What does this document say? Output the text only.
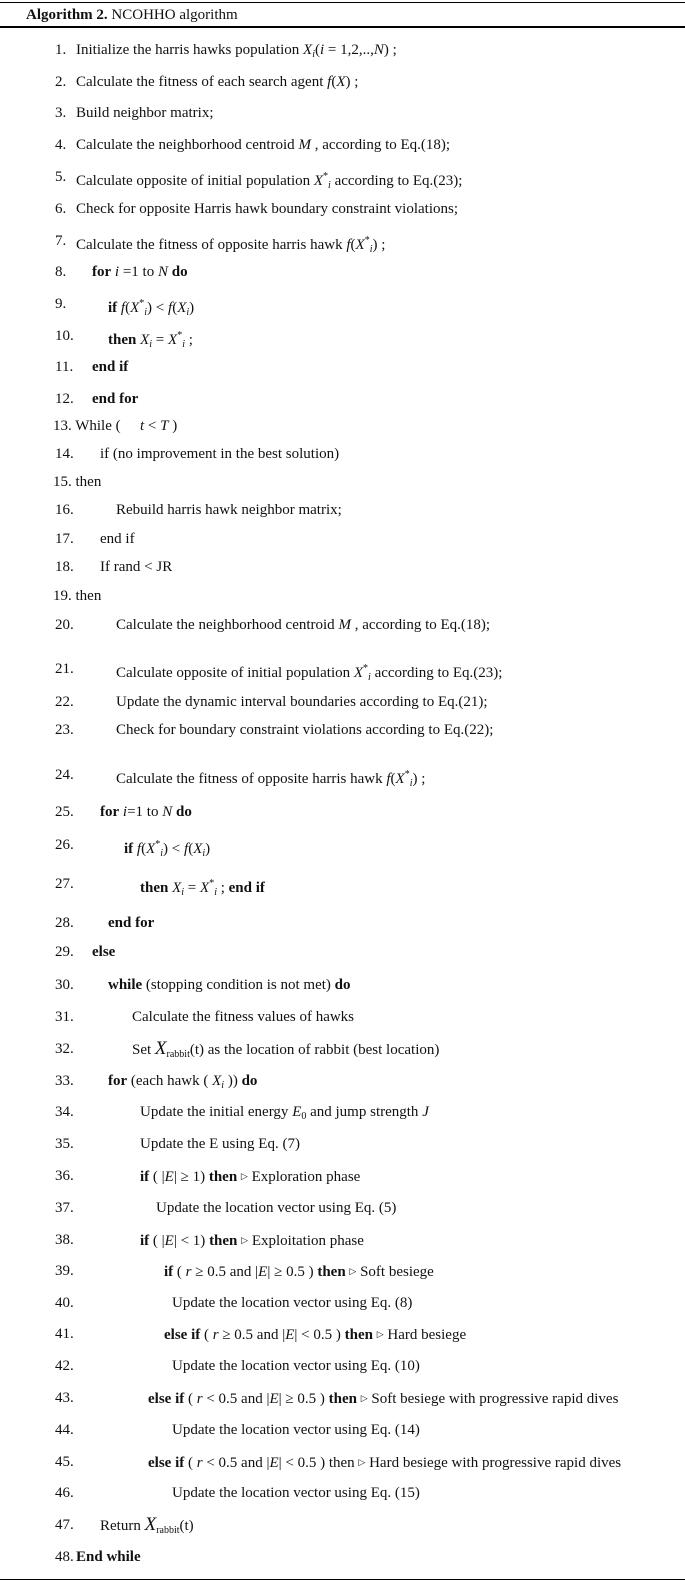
Algorithm 2. NCOHHO algorithm
1. Initialize the harris hawks population $X_i(i = 1,2,..,N)$ ;
2. Calculate the fitness of each search agent f(X) ;
3. Build neighbor matrix;
4. Calculate the neighborhood centroid M , according to Eq.(18);
5. Calculate opposite of initial population $X^*_i$ according to Eq.(23);
6. Check for opposite Harris hawk boundary constraint violations;
7. Calculate the fitness of opposite harris hawk $f(X^*_i)$ ;
8. for i =1 to N do
9.	if $f(X^*_i) < f(X_i)$
10. then $X_i = X^*_i$ ;
11. end if
12. end for
13. While ( t < T )
14. if (no improvement in the best solution)
15. then
16.	Rebuild harris hawk neighbor matrix;
17. end if
18. If rand < JR
19. then
20.	Calculate the neighborhood centroid M , according to Eq.(18);
21.	Calculate opposite of initial population $X^*_i$ according to Eq.(23);
22.	Update the dynamic interval boundaries according to Eq.(21);
23.	Check for boundary constraint violations according to Eq.(22);
24.	Calculate the fitness of opposite harris hawk $f(X^*_i)$ ;
25. for i=1 to N do
26.	if $f(X^*_i) < f(X_i)$
27.	then $X_i = X^*_i$ ; end if
28. end for
29. else
30. while (stopping condition is not met) do
31.	Calculate the fitness values of hawks
32.	Set $X_{rabbit}(t)$ as the location of rabbit (best location)
33. for (each hawk ( $X_i$ )) do
34.	Update the initial energy $E_0$ and jump strength J
35.	Update the E using Eq. (7)
36.	if ( |E| ≥ 1) then ▷ Exploration phase
37.	Update the location vector using Eq. (5)
38.	if ( |E| < 1) then ▷ Exploitation phase
39.	if ( r ≥ 0.5 and |E| ≥ 0.5 ) then ▷ Soft besiege
40.	Update the location vector using Eq. (8)
41.	else if ( r ≥ 0.5 and |E| < 0.5 ) then ▷ Hard besiege
42.	Update the location vector using Eq. (10)
43.	else if ( r < 0.5 and |E| ≥ 0.5 ) then ▷ Soft besiege with progressive rapid dives
44.	Update the location vector using Eq. (14)
45.	else if ( r < 0.5 and |E| < 0.5 ) then ▷ Hard besiege with progressive rapid dives
46.	Update the location vector using Eq. (15)
47. Return $X_{rabbit}(t)$
48. End while
